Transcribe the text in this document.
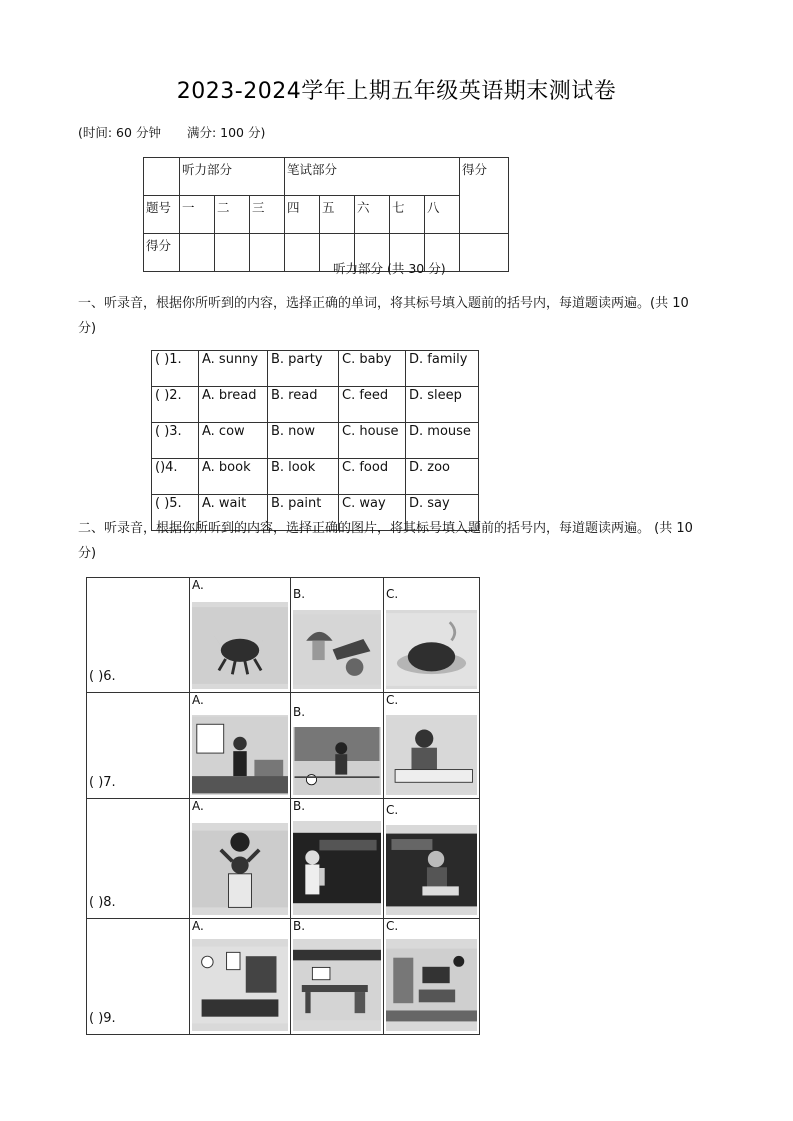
2023-2024学年上期五年级英语期末测试卷
(时间: 60 分钟 满分: 100 分)
	听力部分			笔试部分					得分
题号	一	二	三	四	五	六	七	八	
得分									
听力部分 (共 30 分)
一、听录音，根据你所听到的内容，选择正确的单词，将其标号填入题前的括号内，每道题读两遍。(共 10 分)
( )1.	A. sunny	B. party	C. baby	D. family
( )2.	A. bread	B. read	C. feed	D. sleep
( )3.	A. cow	B. now	C. house	D. mouse
()4.	A. book	B. look	C. food	D. zoo
( )5.	A. wait	B. paint	C. way	D. say
二、听录音，根据你所听到的内容，选择正确的图片，将其标号填入题前的括号内，每道题读两遍。 (共 10 分)
( )6.	A.	B.	C.

( )7.	A.	B.	C.

( )8.	A.	B.	C.

( )9.	A.	B.	C.
